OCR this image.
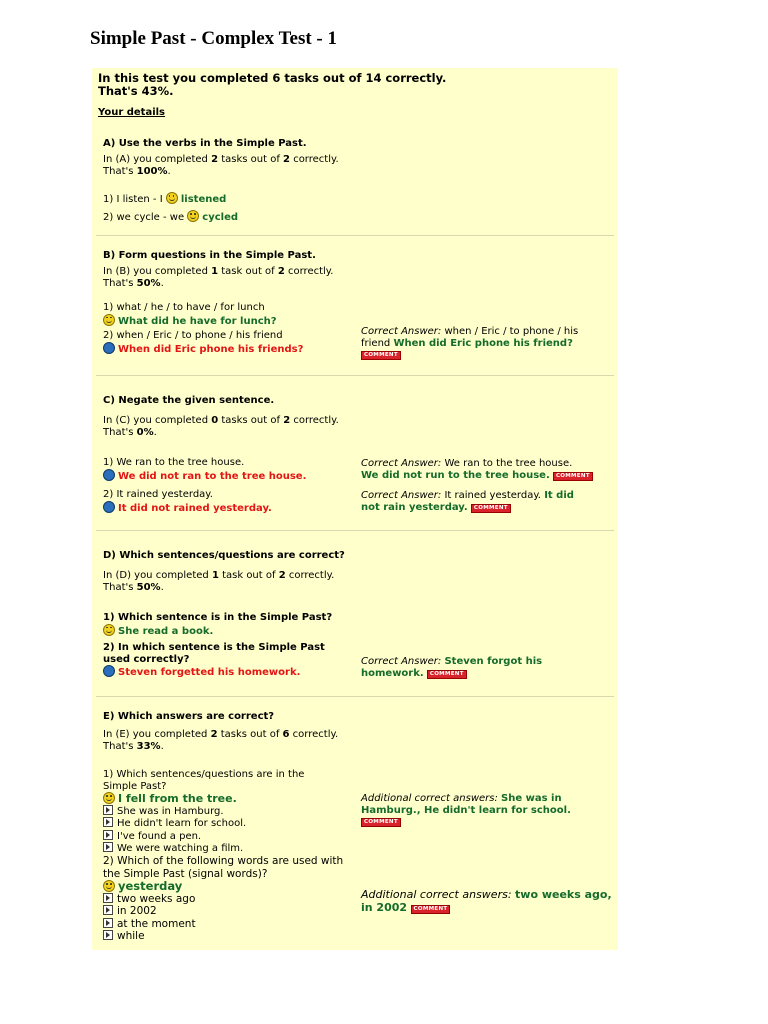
Simple Past - Complex Test - 1
In this test you completed 6 tasks out of 14 correctly.
That's 43%.
Your details
A) Use the verbs in the Simple Past.
In (A) you completed 2 tasks out of 2 correctly.
That's 100%.
1) I listen - I listened
2) we cycle - we cycled
B) Form questions in the Simple Past.
In (B) you completed 1 task out of 2 correctly.
That's 50%.
1) what / he / to have / for lunch
What did he have for lunch?
2) when / Eric / to phone / his friend
When did Eric phone his friends?
Correct Answer: when / Eric / to phone / his
friend When did Eric phone his friend?
COMMENT
C) Negate the given sentence.
In (C) you completed 0 tasks out of 2 correctly.
That's 0%.
1) We ran to the tree house.
We did not ran to the tree house.
Correct Answer: We ran to the tree house.
We did not run to the tree house. COMMENT
2) It rained yesterday.
It did not rained yesterday.
Correct Answer: It rained yesterday. It did
not rain yesterday. COMMENT
D) Which sentences/questions are correct?
In (D) you completed 1 task out of 2 correctly.
That's 50%.
1) Which sentence is in the Simple Past?
She read a book.
2) In which sentence is the Simple Past
used correctly?
Steven forgetted his homework.
Correct Answer: Steven forgot his
homework. COMMENT
E) Which answers are correct?
In (E) you completed 2 tasks out of 6 correctly.
That's 33%.
1) Which sentences/questions are in the
Simple Past?
I fell from the tree.
She was in Hamburg.
He didn't learn for school.
I've found a pen.
We were watching a film.
Additional correct answers: She was in
Hamburg., He didn't learn for school.
COMMENT
2) Which of the following words are used with
the Simple Past (signal words)?
yesterday
two weeks ago
in 2002
at the moment
while
Additional correct answers: two weeks ago,
in 2002 COMMENT
